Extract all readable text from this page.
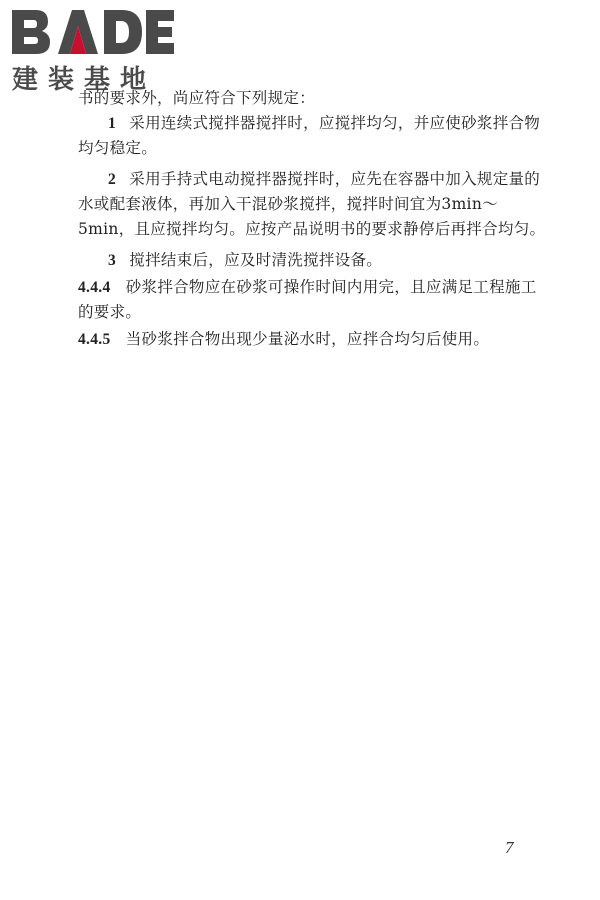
建装基地

书的要求外，尚应符合下列规定：

1 采用连续式搅拌器搅拌时，应搅拌均匀，并应使砂浆拌合物均匀稳定。

2 采用手持式电动搅拌器搅拌时，应先在容器中加入规定量的水或配套液体，再加入干混砂浆搅拌，搅拌时间宜为3min～5min，且应搅拌均匀。应按产品说明书的要求静停后再拌合均匀。

3 搅拌结束后，应及时清洗搅拌设备。

4.4.4 砂浆拌合物应在砂浆可操作时间内用完，且应满足工程施工的要求。

4.4.5 当砂浆拌合物出现少量泌水时，应拌合均匀后使用。

7
